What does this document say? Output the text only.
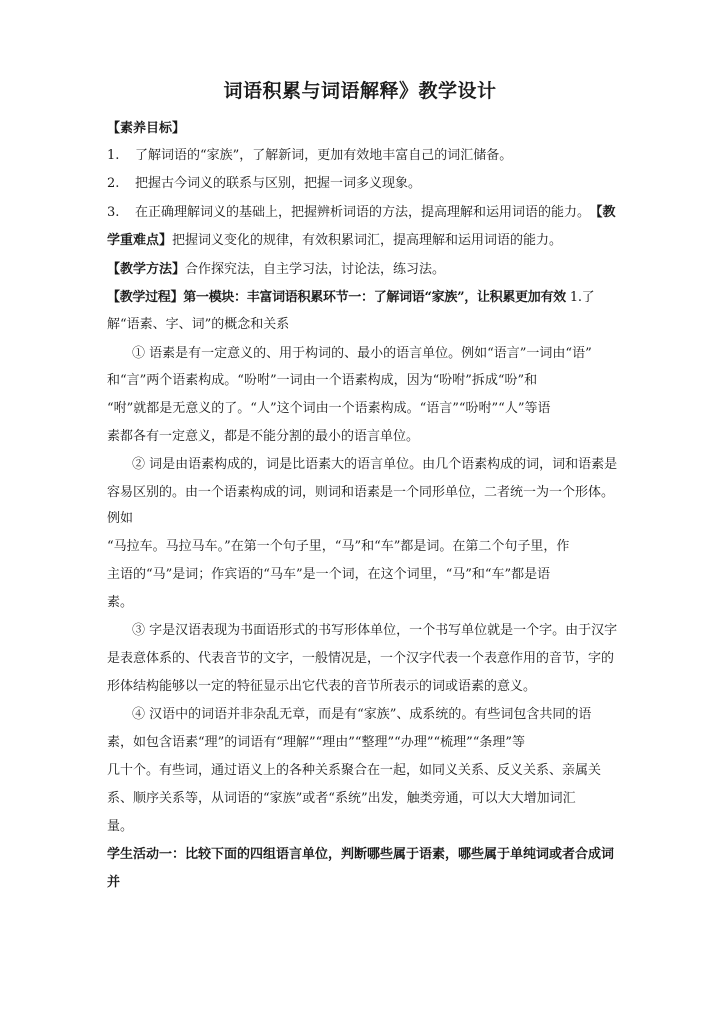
词语积累与词语解释》教学设计
【素养目标】
1. 了解词语的“家族”，了解新词，更加有效地丰富自己的词汇储备。
2. 把握古今词义的联系与区别，把握一词多义现象。
3. 在正确理解词义的基础上，把握辨析词语的方法，提高理解和运用词语的能力。 【教
学重难点】把握词义变化的规律，有效积累词汇，提高理解和运用词语的能力。
【教学方法】合作探究法，自主学习法，讨论法，练习法。
【教学过程】第一模块：丰富词语积累环节一：了解词语“家族”，让积累更加有效 1.了
解“语素、字、词”的概念和关系
① 语素是有一定意义的、用于构词的、最小的语言单位。例如“语言”一词由“语”
和“言”两个语素构成。“吩咐”一词由一个语素构成，因为“吩咐”拆成“吩”和
“咐”就都是无意义的了。“人”这个词由一个语素构成。“语言”“吩咐”“人”等语
素都各有一定意义，都是不能分割的最小的语言单位。
② 词是由语素构成的，词是比语素大的语言单位。由几个语素构成的词，词和语素是
容易区别的。由一个语素构成的词，则词和语素是一个同形单位，二者统一为一个形体。
例如
“马拉车。马拉马车。”在第一个句子里，“马”和“车”都是词。在第二个句子里，作
主语的“马”是词；作宾语的“马车”是一个词，在这个词里，“马”和“车”都是语
素。
③ 字是汉语表现为书面语形式的书写形体单位，一个书写单位就是一个字。由于汉字
是表意体系的、代表音节的文字，一般情况是，一个汉字代表一个表意作用的音节，字的
形体结构能够以一定的特征显示出它代表的音节所表示的词或语素的意义。
④ 汉语中的词语并非杂乱无章，而是有“家族”、成系统的。有些词包含共同的语
素，如包含语素“理”的词语有“理解”“理由”“整理”“办理”“梳理”“条理”等
几十个。有些词，通过语义上的各种关系聚合在一起，如同义关系、反义关系、亲属关
系、顺序关系等，从词语的“家族”或者“系统”出发，触类旁通，可以大大增加词汇
量。
学生活动一：比较下面的四组语言单位，判断哪些属于语素，哪些属于单纯词或者合成词
并
